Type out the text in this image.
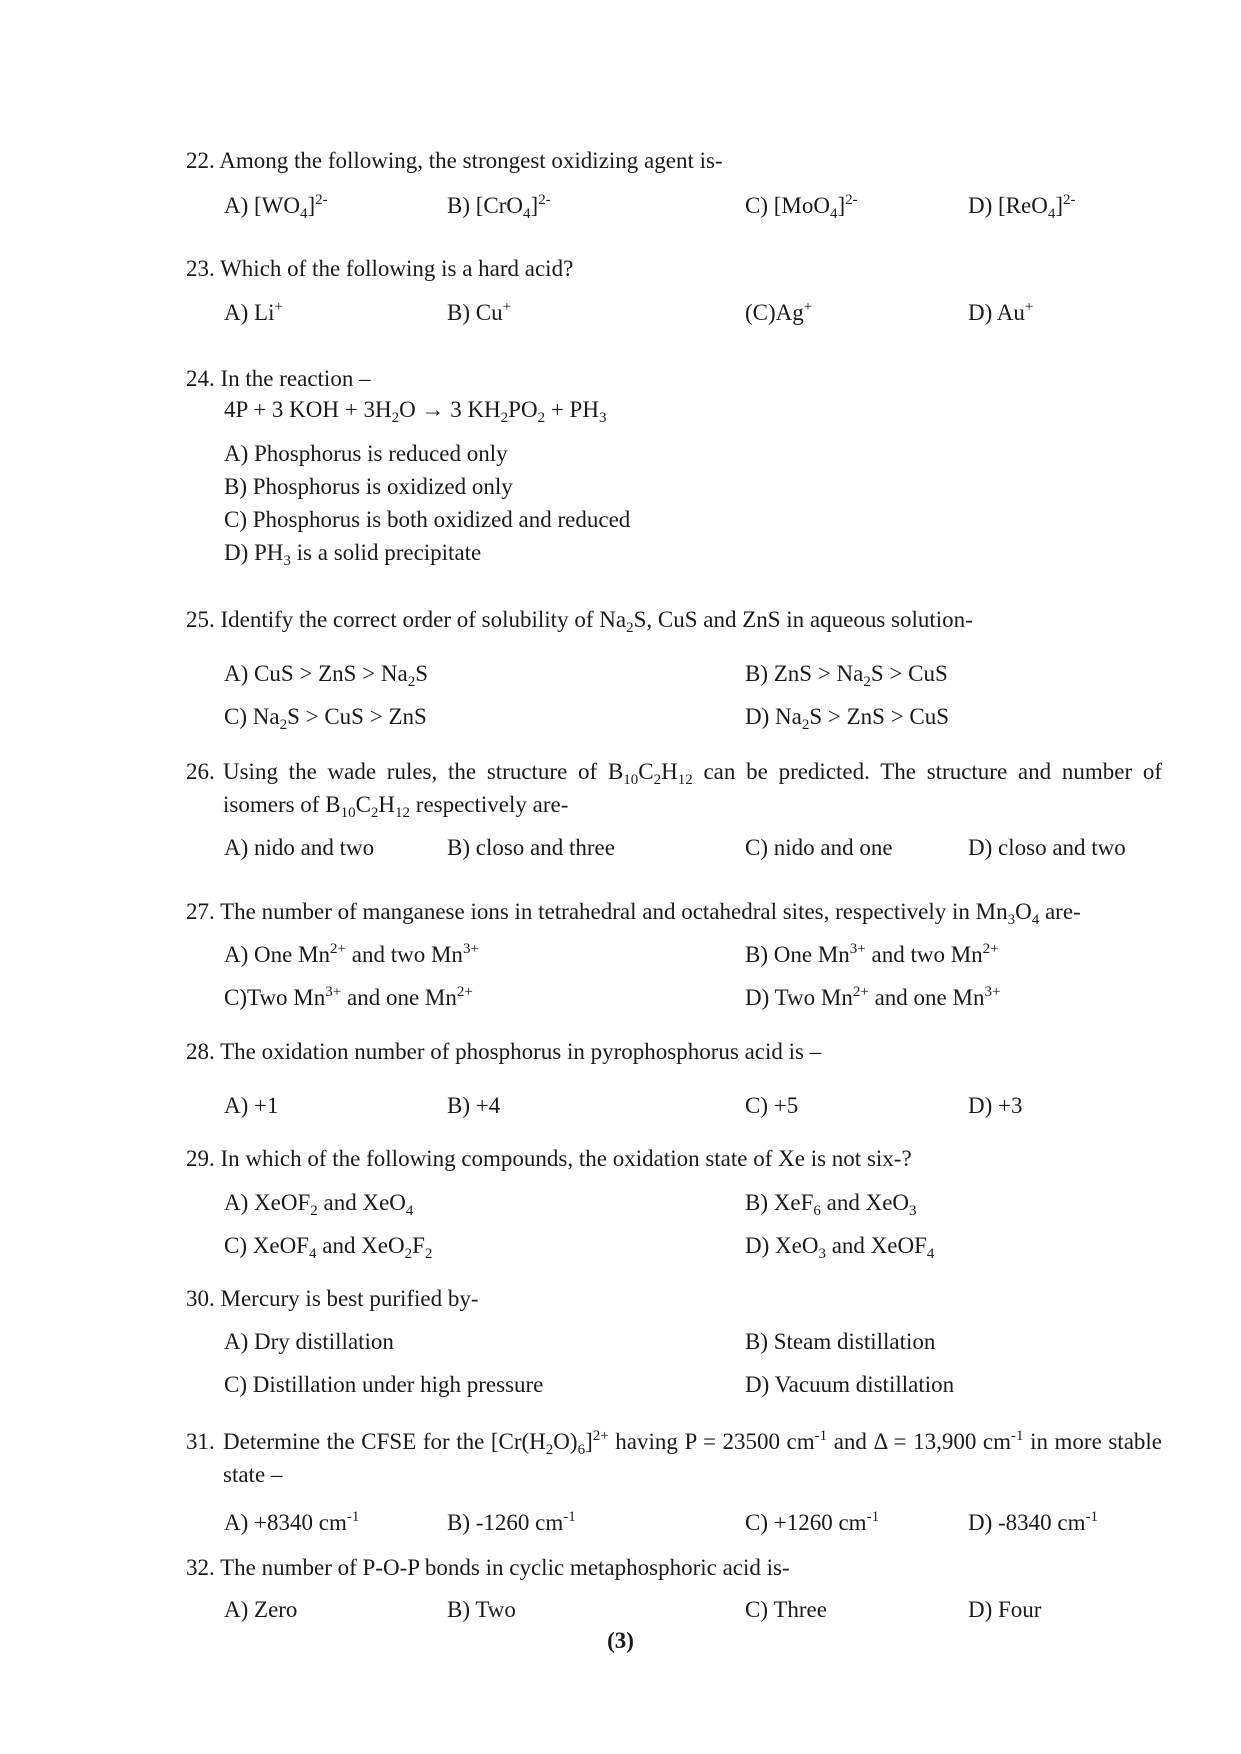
22. Among the following, the strongest oxidizing agent is-
A) $[WO_4]^{2-}$	B) $[CrO_4]^{2-}$	C) $[MoO_4]^{2-}$	D) $[ReO_4]^{2-}$
23. Which of the following is a hard acid?
A) Li+	B) Cu+	(C)Ag+	D) Au+
24. In the reaction –
4P + 3 KOH + $3H_2O \to 3$ $KH_2PO_2 + PH_3$
A) Phosphorus is reduced only
B) Phosphorus is oxidized only
C) Phosphorus is both oxidized and reduced
D) $PH_3$ is a solid precipitate
25. Identify the correct order of solubility of $Na_2S$, CuS and ZnS in aqueous solution-
A) CuS > ZnS > $Na_2S$	B) ZnS > $Na_2S$ > CuS
C) $Na_2S$ > CuS > ZnS	D) $Na_2S$ > ZnS > CuS
26. Using the wade rules, the structure of $B_{10}C_2H_{12}$ can be predicted. The structure and number of isomers of $B_{10}C_2H_{12}$ respectively are-
A) nido and two	B) closo and three	C) nido and one	D) closo and two
27. The number of manganese ions in tetrahedral and octahedral sites, respectively in $Mn_3O_4$ are-
A) One $Mn^{2+}$ and two $Mn^{3+}$	B) One $Mn^{3+}$ and two $Mn^{2+}$
C)Two $Mn^{3+}$ and one $Mn^{2+}$	D) Two $Mn^{2+}$ and one $Mn^{3+}$
28. The oxidation number of phosphorus in pyrophosphorus acid is –
A) +1	B) +4	C) +5	D) +3
29. In which of the following compounds, the oxidation state of Xe is not six-?
A) XeOF$_2$ and XeO$_4$	B) XeF$_6$ and XeO$_3$
C) XeOF$_4$ and $XeO_2F_2$	D) XeO$_3$ and XeOF$_4$
30. Mercury is best purified by-
A) Dry distillation	B) Steam distillation
C) Distillation under high pressure	D) Vacuum distillation
31. Determine the CFSE for the $[Cr(H_2O)_6]^{2+}$ having P = 23500 $cm^{-1}$ and Δ = 13,900 $cm^{-1}$ in more stable state –
A) +8340 $cm^{-1}$	B) -1260 $cm^{-1}$	C) +1260 $cm^{-1}$	D) -8340 $cm^{-1}$
32. The number of P-O-P bonds in cyclic metaphosphoric acid is-
A) Zero	B) Two	C) Three	D) Four
(3)
